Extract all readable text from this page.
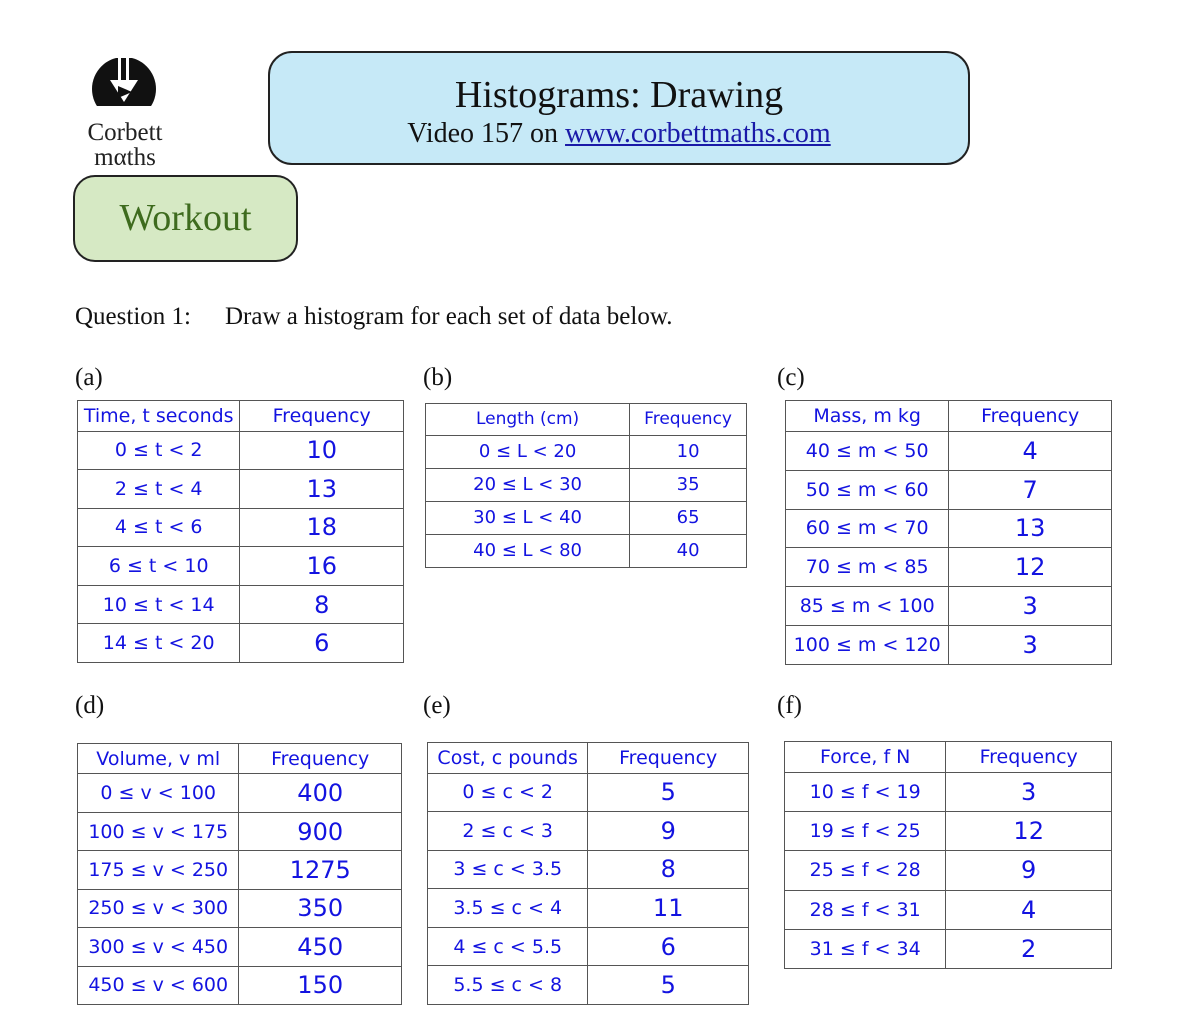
Corbett
mαths
Histograms: Drawing
Video 157 on www.corbettmaths.com
Workout
Question 1: Draw a histogram for each set of data below.
(a)	(b)	(c)
(d)	(e)	(f)
Time, t seconds	Frequency
0 ≤ t < 2	10
2 ≤ t < 4	13
4 ≤ t < 6	18
6 ≤ t < 10	16
10 ≤ t < 14	8
14 ≤ t < 20	6
Length (cm)	Frequency
0 ≤ L < 20	10
20 ≤ L < 30	35
30 ≤ L < 40	65
40 ≤ L < 80	40
Mass, m kg	Frequency
40 ≤ m < 50	4
50 ≤ m < 60	7
60 ≤ m < 70	13
70 ≤ m < 85	12
85 ≤ m < 100	3
100 ≤ m < 120	3
Volume, v ml	Frequency
0 ≤ v < 100	400
100 ≤ v < 175	900
175 ≤ v < 250	1275
250 ≤ v < 300	350
300 ≤ v < 450	450
450 ≤ v < 600	150
Cost, c pounds	Frequency
0 ≤ c < 2	5
2 ≤ c < 3	9
3 ≤ c < 3.5	8
3.5 ≤ c < 4	11
4 ≤ c < 5.5	6
5.5 ≤ c < 8	5
Force, f N	Frequency
10 ≤ f < 19	3
19 ≤ f < 25	12
25 ≤ f < 28	9
28 ≤ f < 31	4
31 ≤ f < 34	2
